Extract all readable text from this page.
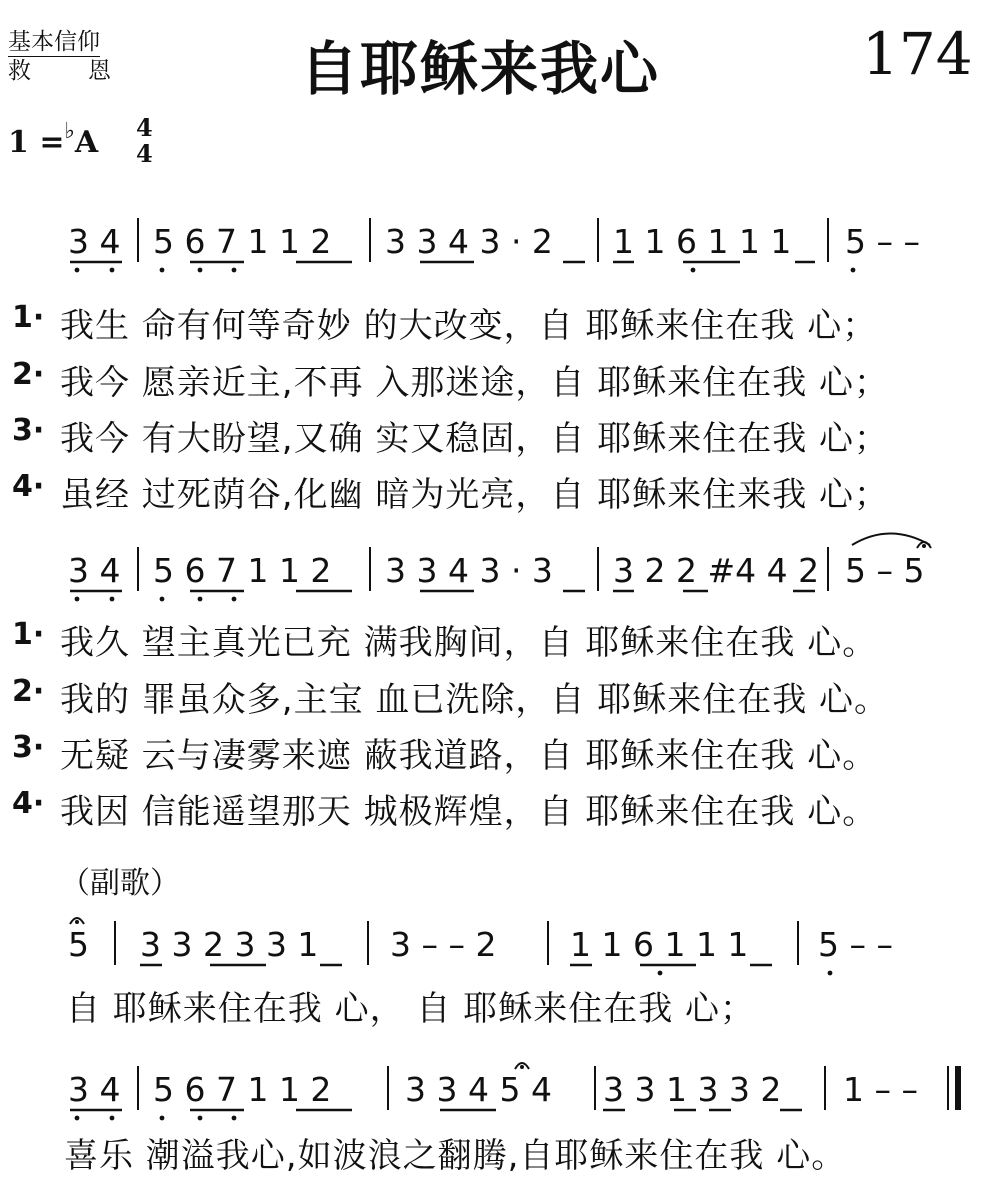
基本信仰
救 恩	自耶稣来我心	174
1 =♭A 4
4
3 4 5 6 7 1 1 2 3 3 4 3 · 2 1 1 6 1 1 1 5 – –
1· 我生 命有何等奇妙 的大改变，自 耶稣来住在我 心；
2· 我今 愿亲近主,不再 入那迷途，自 耶稣来住在我 心；
3· 我今 有大盼望,又确 实又稳固，自 耶稣来住在我 心；
4· 虽经 过死荫谷,化幽 暗为光亮，自 耶稣来住来我 心；
3 4 5 6 7 1 1 2 3 3 4 3 · 3 3 2 2 #4 4 2 5 – 5
1· 我久 望主真光已充 满我胸间，自 耶稣来住在我 心。
2· 我的 罪虽众多,主宝 血已洗除，自 耶稣来住在我 心。
3· 无疑 云与凄雾来遮 蔽我道路，自 耶稣来住在我 心。
4· 我因 信能遥望那天 城极辉煌，自 耶稣来住在我 心。
（副歌）
5 3 3 2 3 3 1 3 – – 2 1 1 6 1 1 1 5 – –
自 耶稣来住在我 心， 自 耶稣来住在我 心；
3 4 5 6 7 1 1 2 3 3 4 5 4 3 3 1 3 3 2 1 – –
喜乐 潮溢我心,如波浪之翻腾,自耶稣来住在我 心。
